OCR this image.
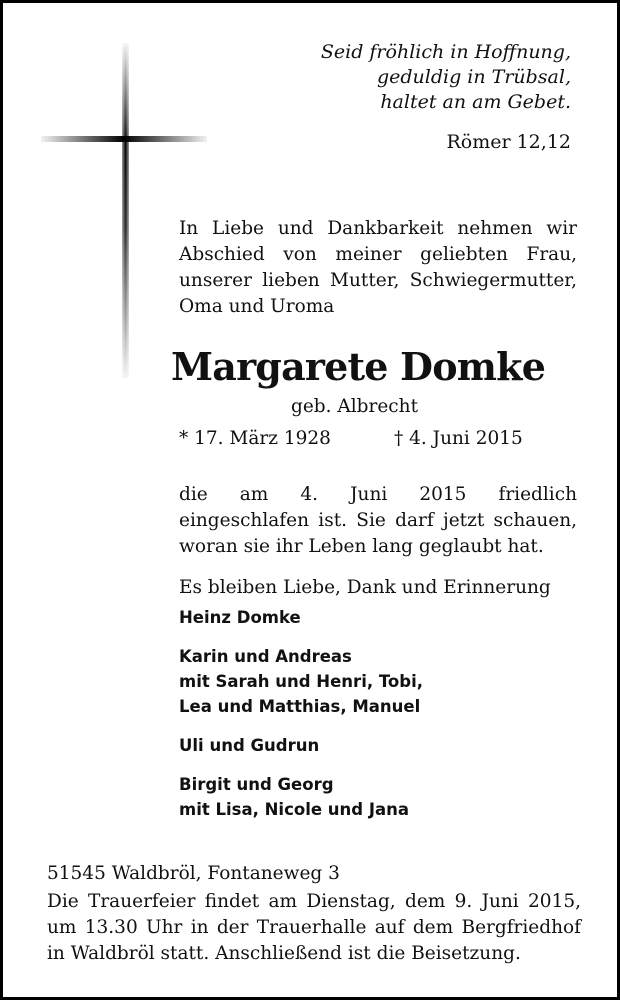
Seid fröhlich in Hoffnung,
geduldig in Trübsal,
haltet an am Gebet.
Römer 12,12
In Liebe und Dankbarkeit nehmen wir Abschied von meiner geliebten Frau, unserer lieben Mutter, Schwiegermutter, Oma und Uroma
Margarete Domke
geb. Albrecht
* 17. März 1928	† 4. Juni 2015
die am 4. Juni 2015 friedlich eingeschlafen ist. Sie darf jetzt schauen, woran sie ihr Leben lang geglaubt hat.
Es bleiben Liebe, Dank und Erinnerung
Heinz Domke
Karin und Andreas
mit Sarah und Henri, Tobi,
Lea und Matthias, Manuel
Uli und Gudrun
Birgit und Georg
mit Lisa, Nicole und Jana
51545 Waldbröl, Fontaneweg 3
Die Trauerfeier findet am Dienstag, dem 9. Juni 2015, um 13.30 Uhr in der Trauerhalle auf dem Bergfriedhof in Waldbröl statt. Anschließend ist die Beisetzung.
